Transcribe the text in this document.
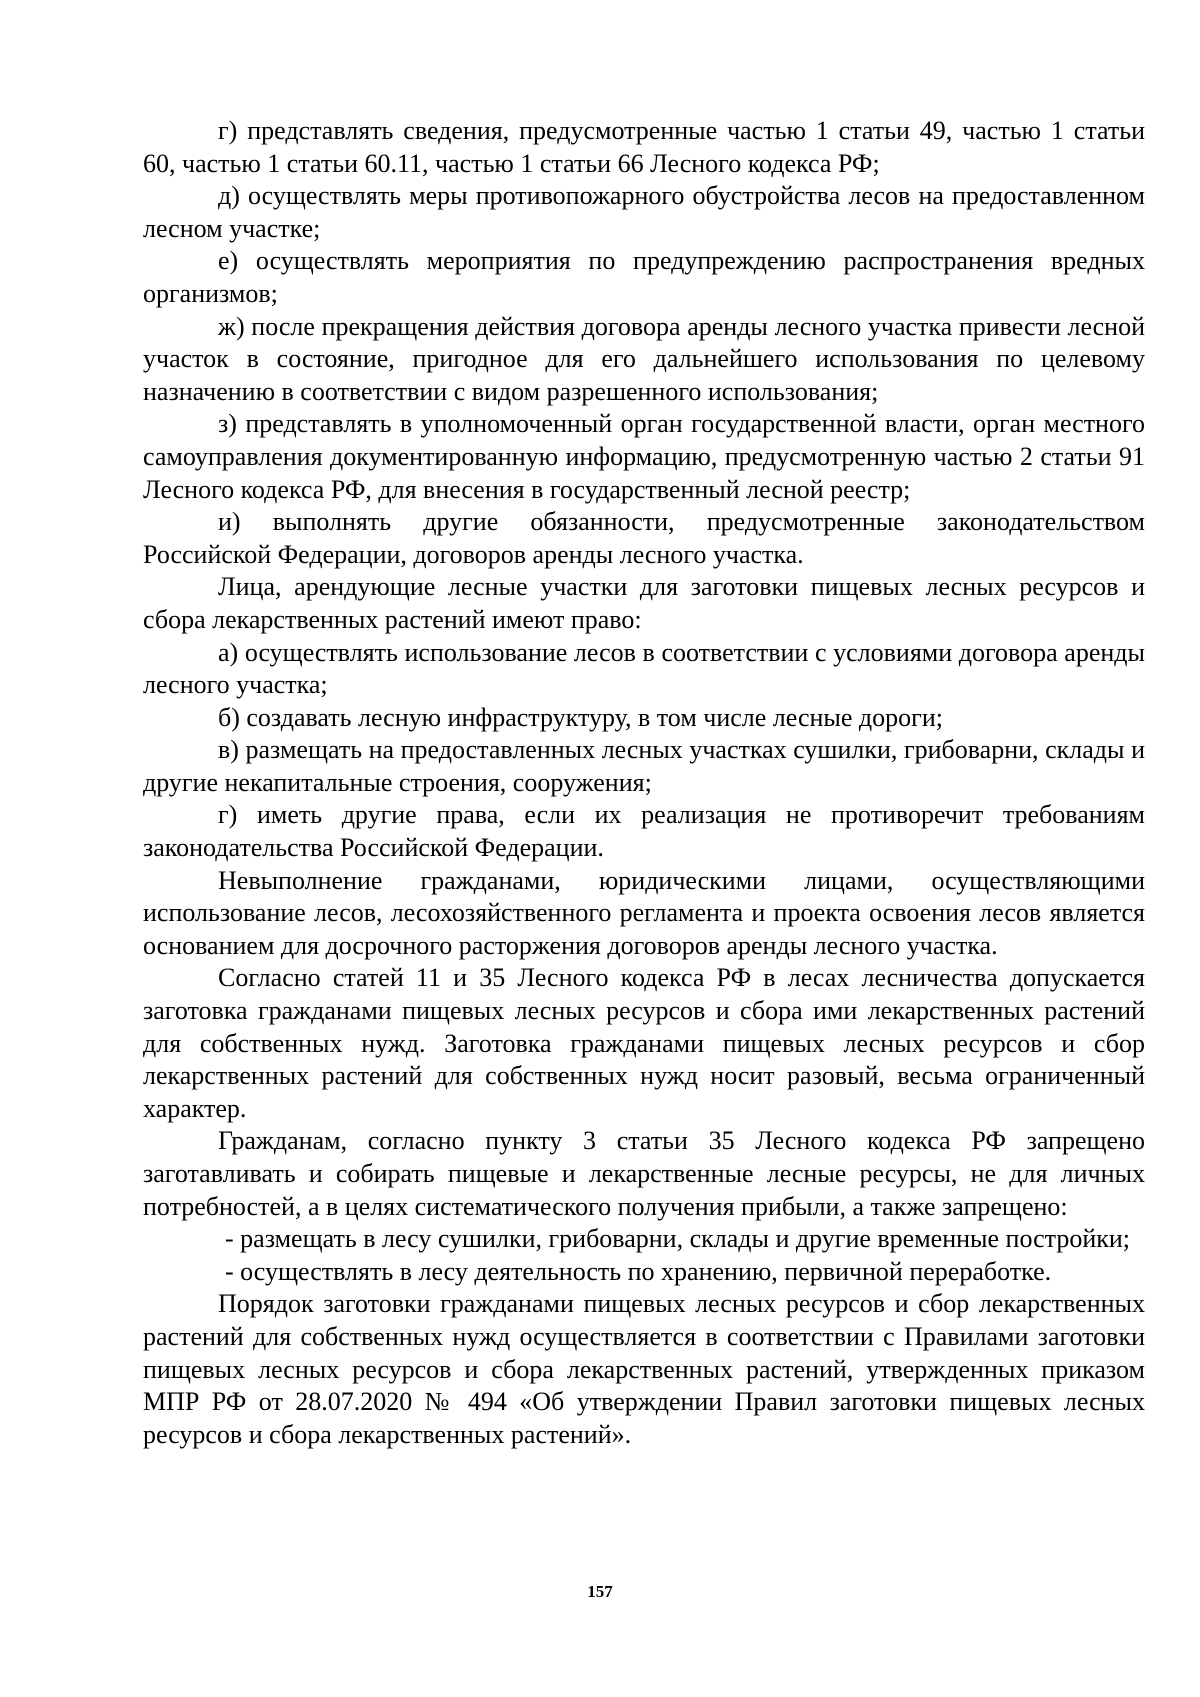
г) представлять сведения, предусмотренные частью 1 статьи 49, частью 1 статьи 60, частью 1 статьи 60.11, частью 1 статьи 66 Лесного кодекса РФ;

д) осуществлять меры противопожарного обустройства лесов на предоставленном лесном участке;

е) осуществлять мероприятия по предупреждению распространения вредных организмов;

ж) после прекращения действия договора аренды лесного участка привести лесной участок в состояние, пригодное для его дальнейшего использования по целевому назначению в соответствии с видом разрешенного использования;

з) представлять в уполномоченный орган государственной власти, орган местного самоуправления документированную информацию, предусмотренную частью 2 статьи 91 Лесного кодекса РФ, для внесения в государственный лесной реестр;

и) выполнять другие обязанности, предусмотренные законодательством Российской Федерации, договоров аренды лесного участка.

Лица, арендующие лесные участки для заготовки пищевых лесных ресурсов и сбора лекарственных растений имеют право:

а) осуществлять использование лесов в соответствии с условиями договора аренды лесного участка;

б) создавать лесную инфраструктуру, в том числе лесные дороги;

в) размещать на предоставленных лесных участках сушилки, грибоварни, склады и другие некапитальные строения, сооружения;

г) иметь другие права, если их реализация не противоречит требованиям законодательства Российской Федерации.

Невыполнение гражданами, юридическими лицами, осуществляющими использование лесов, лесохозяйственного регламента и проекта освоения лесов является основанием для досрочного расторжения договоров аренды лесного участка.

Согласно статей 11 и 35 Лесного кодекса РФ в лесах лесничества допускается заготовка гражданами пищевых лесных ресурсов и сбора ими лекарственных растений для собственных нужд. Заготовка гражданами пищевых лесных ресурсов и сбор лекарственных растений для собственных нужд носит разовый, весьма ограниченный характер.

Гражданам, согласно пункту 3 статьи 35 Лесного кодекса РФ запрещено заготавливать и собирать пищевые и лекарственные лесные ресурсы, не для личных потребностей, а в целях систематического получения прибыли, а также запрещено:

- размещать в лесу сушилки, грибоварни, склады и другие временные постройки;

- осуществлять в лесу деятельность по хранению, первичной переработке.

Порядок заготовки гражданами пищевых лесных ресурсов и сбор лекарственных растений для собственных нужд осуществляется в соответствии с Правилами заготовки пищевых лесных ресурсов и сбора лекарственных растений, утвержденных приказом МПР РФ от 28.07.2020 № 494 «Об утверждении Правил заготовки пищевых лесных ресурсов и сбора лекарственных растений».

157
